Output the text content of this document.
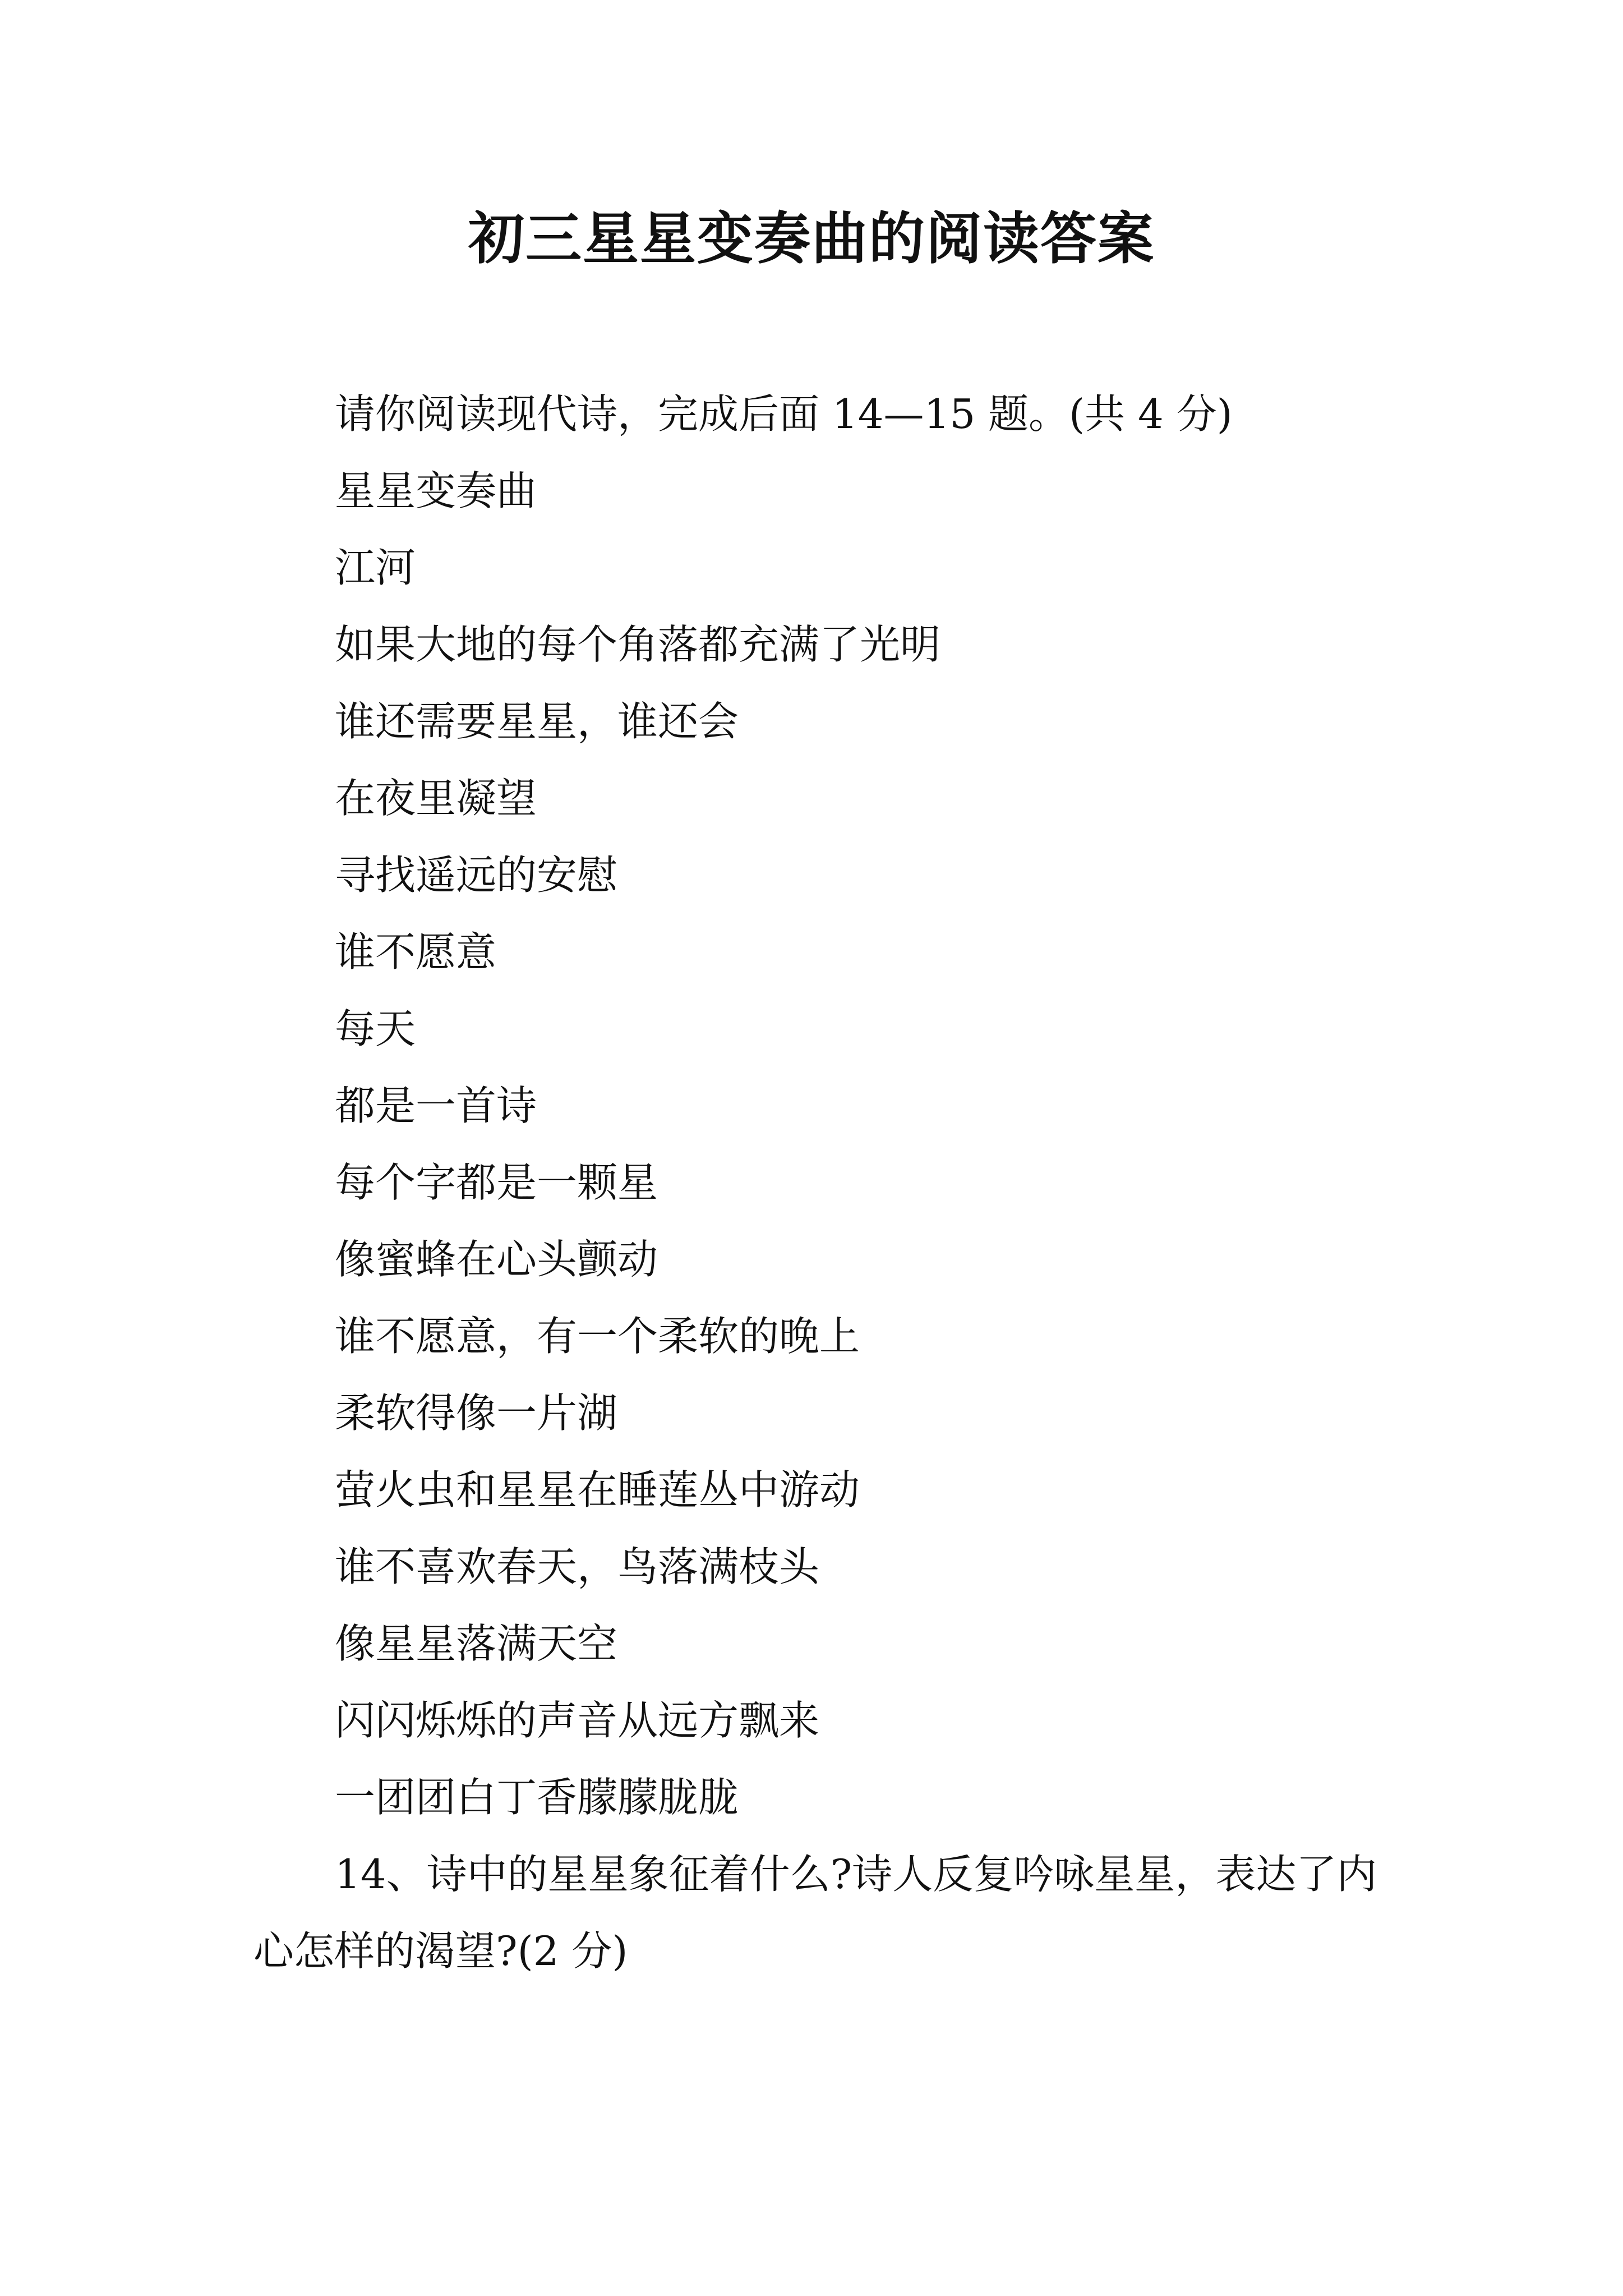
初三星星变奏曲的阅读答案
请你阅读现代诗，完成后面 14—15 题。(共 4 分)
星星变奏曲
江河
如果大地的每个角落都充满了光明
谁还需要星星，谁还会
在夜里凝望
寻找遥远的安慰
谁不愿意
每天
都是一首诗
每个字都是一颗星
像蜜蜂在心头颤动
谁不愿意，有一个柔软的晚上
柔软得像一片湖
萤火虫和星星在睡莲丛中游动
谁不喜欢春天，鸟落满枝头
像星星落满天空
闪闪烁烁的声音从远方飘来
一团团白丁香朦朦胧胧
14、诗中的星星象征着什么?诗人反复吟咏星星，表达了内心怎样的渴望?(2 分)
